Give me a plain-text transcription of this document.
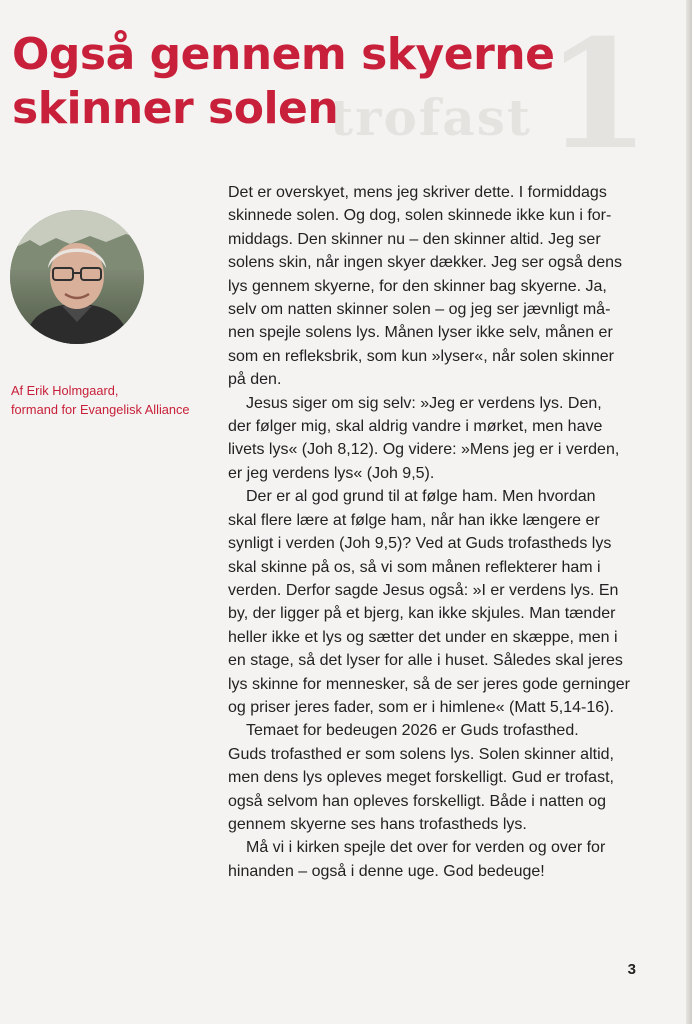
1
trofast
Også gennem skyerne
skinner solen
Af Erik Holmgaard,
formand for Evangelisk Alliance

Det er overskyet, mens jeg skriver dette. I formiddags
skinnede solen. Og dog, solen skinnede ikke kun i for-
middags. Den skinner nu – den skinner altid. Jeg ser
solens skin, når ingen skyer dækker. Jeg ser også dens
lys gennem skyerne, for den skinner bag skyerne. Ja,
selv om natten skinner solen – og jeg ser jævnligt må-
nen spejle solens lys. Månen lyser ikke selv, månen er
som en refleksbrik, som kun »lyser«, når solen skinner
på den.

Jesus siger om sig selv: »Jeg er verdens lys. Den,
der følger mig, skal aldrig vandre i mørket, men have
livets lys« (Joh 8,12). Og videre: »Mens jeg er i verden,
er jeg verdens lys« (Joh 9,5).

Der er al god grund til at følge ham. Men hvordan
skal flere lære at følge ham, når han ikke længere er
synligt i verden (Joh 9,5)? Ved at Guds trofastheds lys
skal skinne på os, så vi som månen reflekterer ham i
verden. Derfor sagde Jesus også: »I er verdens lys. En
by, der ligger på et bjerg, kan ikke skjules. Man tænder
heller ikke et lys og sætter det under en skæppe, men i
en stage, så det lyser for alle i huset. Således skal jeres
lys skinne for mennesker, så de ser jeres gode gerninger
og priser jeres fader, som er i himlene« (Matt 5,14-16).

Temaet for bedeugen 2026 er Guds trofasthed.
Guds trofasthed er som solens lys. Solen skinner altid,
men dens lys opleves meget forskelligt. Gud er trofast,
også selvom han opleves forskelligt. Både i natten og
gennem skyerne ses hans trofastheds lys.

Må vi i kirken spejle det over for verden og over for
hinanden – også i denne uge. God bedeuge!

3
